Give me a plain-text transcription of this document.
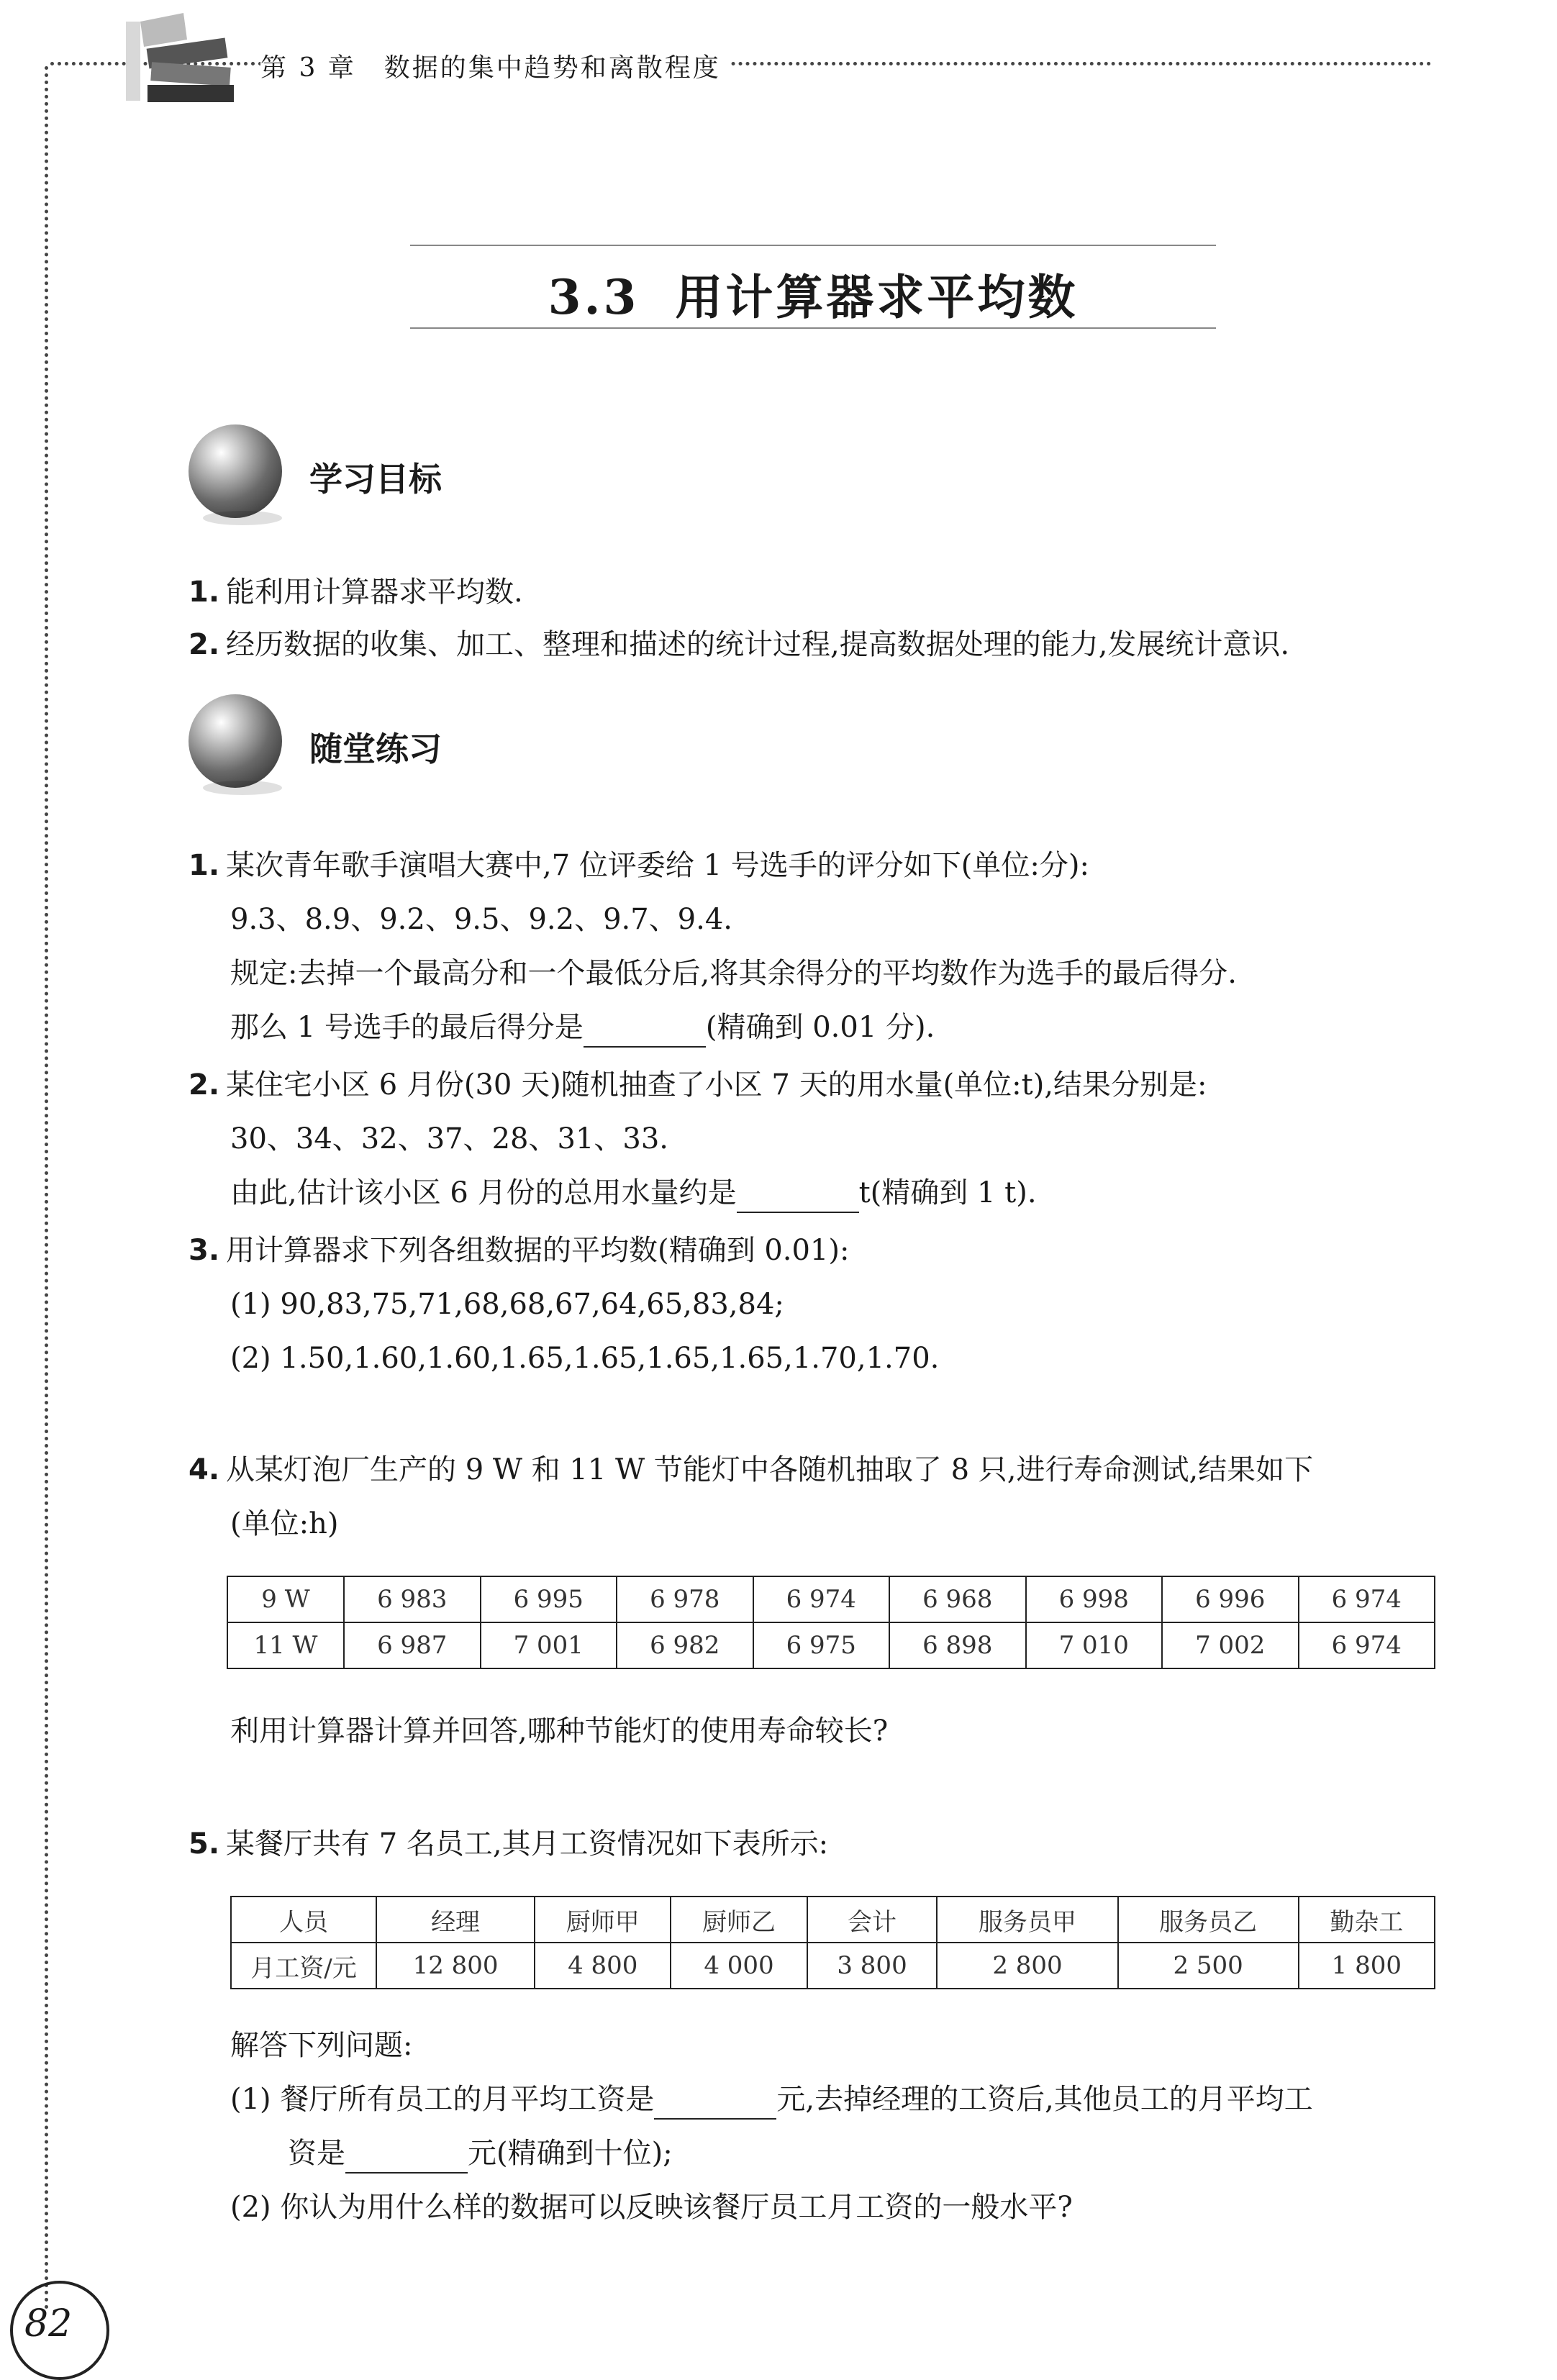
第 3 章　数据的集中趋势和离散程度
3.3 用计算器求平均数
学习目标
1. 能利用计算器求平均数.
2. 经历数据的收集、加工、整理和描述的统计过程,提高数据处理的能力,发展统计意识.
随堂练习
1. 某次青年歌手演唱大赛中,7 位评委给 1 号选手的评分如下(单位:分):
9.3、8.9、9.2、9.5、9.2、9.7、9.4.
规定:去掉一个最高分和一个最低分后,将其余得分的平均数作为选手的最后得分.
那么 1 号选手的最后得分是	(精确到 0.01 分).
2. 某住宅小区 6 月份(30 天)随机抽查了小区 7 天的用水量(单位:t),结果分别是:
30、34、32、37、28、31、33.
由此,估计该小区 6 月份的总用水量约是	t(精确到 1 t).
3. 用计算器求下列各组数据的平均数(精确到 0.01):
(1) 90,83,75,71,68,68,67,64,65,83,84;
(2) 1.50,1.60,1.60,1.65,1.65,1.65,1.65,1.70,1.70.
4. 从某灯泡厂生产的 9 W 和 11 W 节能灯中各随机抽取了 8 只,进行寿命测试,结果如下
(单位:h)
9 W	6 983	6 995	6 978	6 974	6 968	6 998	6 996	6 974
11 W	6 987	7 001	6 982	6 975	6 898	7 010	7 002	6 974
利用计算器计算并回答,哪种节能灯的使用寿命较长?
5. 某餐厅共有 7 名员工,其月工资情况如下表所示:
人员	经理	厨师甲	厨师乙	会计	服务员甲	服务员乙	勤杂工
月工资/元	12 800	4 800	4 000	3 800	2 800	2 500	1 800
解答下列问题:
(1) 餐厅所有员工的月平均工资是	元,去掉经理的工资后,其他员工的月平均工
资是	元(精确到十位);
(2) 你认为用什么样的数据可以反映该餐厅员工月工资的一般水平?
82
